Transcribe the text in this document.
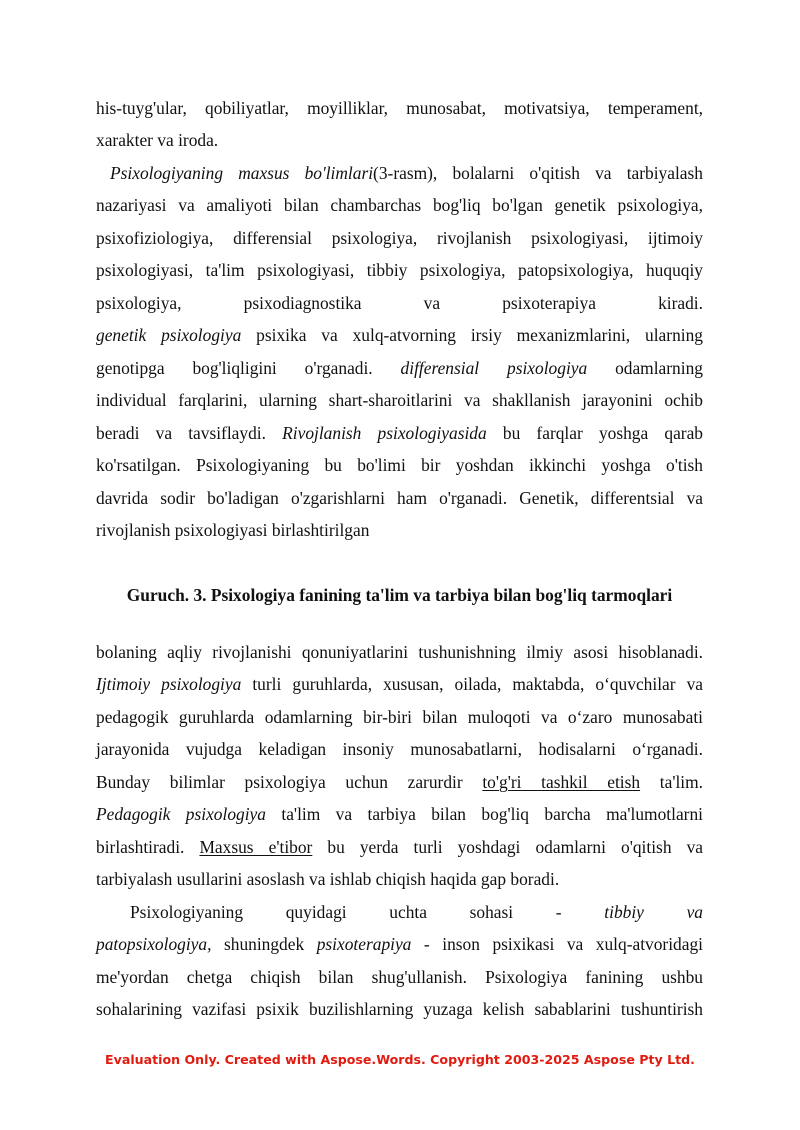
his-tuyg'ular, qobiliyatlar, moyilliklar, munosabat, motivatsiya, temperament,
xarakter va iroda.
Psixologiyaning maxsus bo'limlari(3-rasm), bolalarni o'qitish va tarbiyalash
nazariyasi va amaliyoti bilan chambarchas bog'liq bo'lgan genetik psixologiya,
psixofiziologiya, differensial psixologiya, rivojlanish psixologiyasi, ijtimoiy
psixologiyasi, ta'lim psixologiyasi, tibbiy psixologiya, patopsixologiya, huquqiy
psixologiya, psixodiagnostika va psixoterapiya kiradi.
genetik psixologiya psixika va xulq-atvorning irsiy mexanizmlarini, ularning
genotipga bog'liqligini o'rganadi. differensial psixologiya odamlarning
individual farqlarini, ularning shart-sharoitlarini va shakllanish jarayonini ochib
beradi va tavsiflaydi. Rivojlanish psixologiyasida bu farqlar yoshga qarab
ko'rsatilgan. Psixologiyaning bu bo'limi bir yoshdan ikkinchi yoshga o'tish
davrida sodir bo'ladigan o'zgarishlarni ham o'rganadi. Genetik, differentsial va
rivojlanish psixologiyasi birlashtirilgan
bolaning aqliy rivojlanishi qonuniyatlarini tushunishning ilmiy asosi hisoblanadi.
Ijtimoiy psixologiya turli guruhlarda, xususan, oilada, maktabda, o‘quvchilar va
pedagogik guruhlarda odamlarning bir-biri bilan muloqoti va o‘zaro munosabati
jarayonida vujudga keladigan insoniy munosabatlarni, hodisalarni o‘rganadi.
Bunday bilimlar psixologiya uchun zarurdir to'g'ri tashkil etish ta'lim.
Pedagogik psixologiya ta'lim va tarbiya bilan bog'liq barcha ma'lumotlarni
birlashtiradi. Maxsus e'tibor bu yerda turli yoshdagi odamlarni o'qitish va
tarbiyalash usullarini asoslash va ishlab chiqish haqida gap boradi.
Psixologiyaning quyidagi uchta sohasi - tibbiy va
patopsixologiya, shuningdek psixoterapiya - inson psixikasi va xulq-atvoridagi
me'yordan chetga chiqish bilan shug'ullanish. Psixologiya fanining ushbu
sohalarining vazifasi psixik buzilishlarning yuzaga kelish sabablarini tushuntirish
Guruch. 3. Psixologiya fanining ta'lim va tarbiya bilan bog'liq tarmoqlari
Evaluation Only. Created with Aspose.Words. Copyright 2003-2025 Aspose Pty Ltd.
